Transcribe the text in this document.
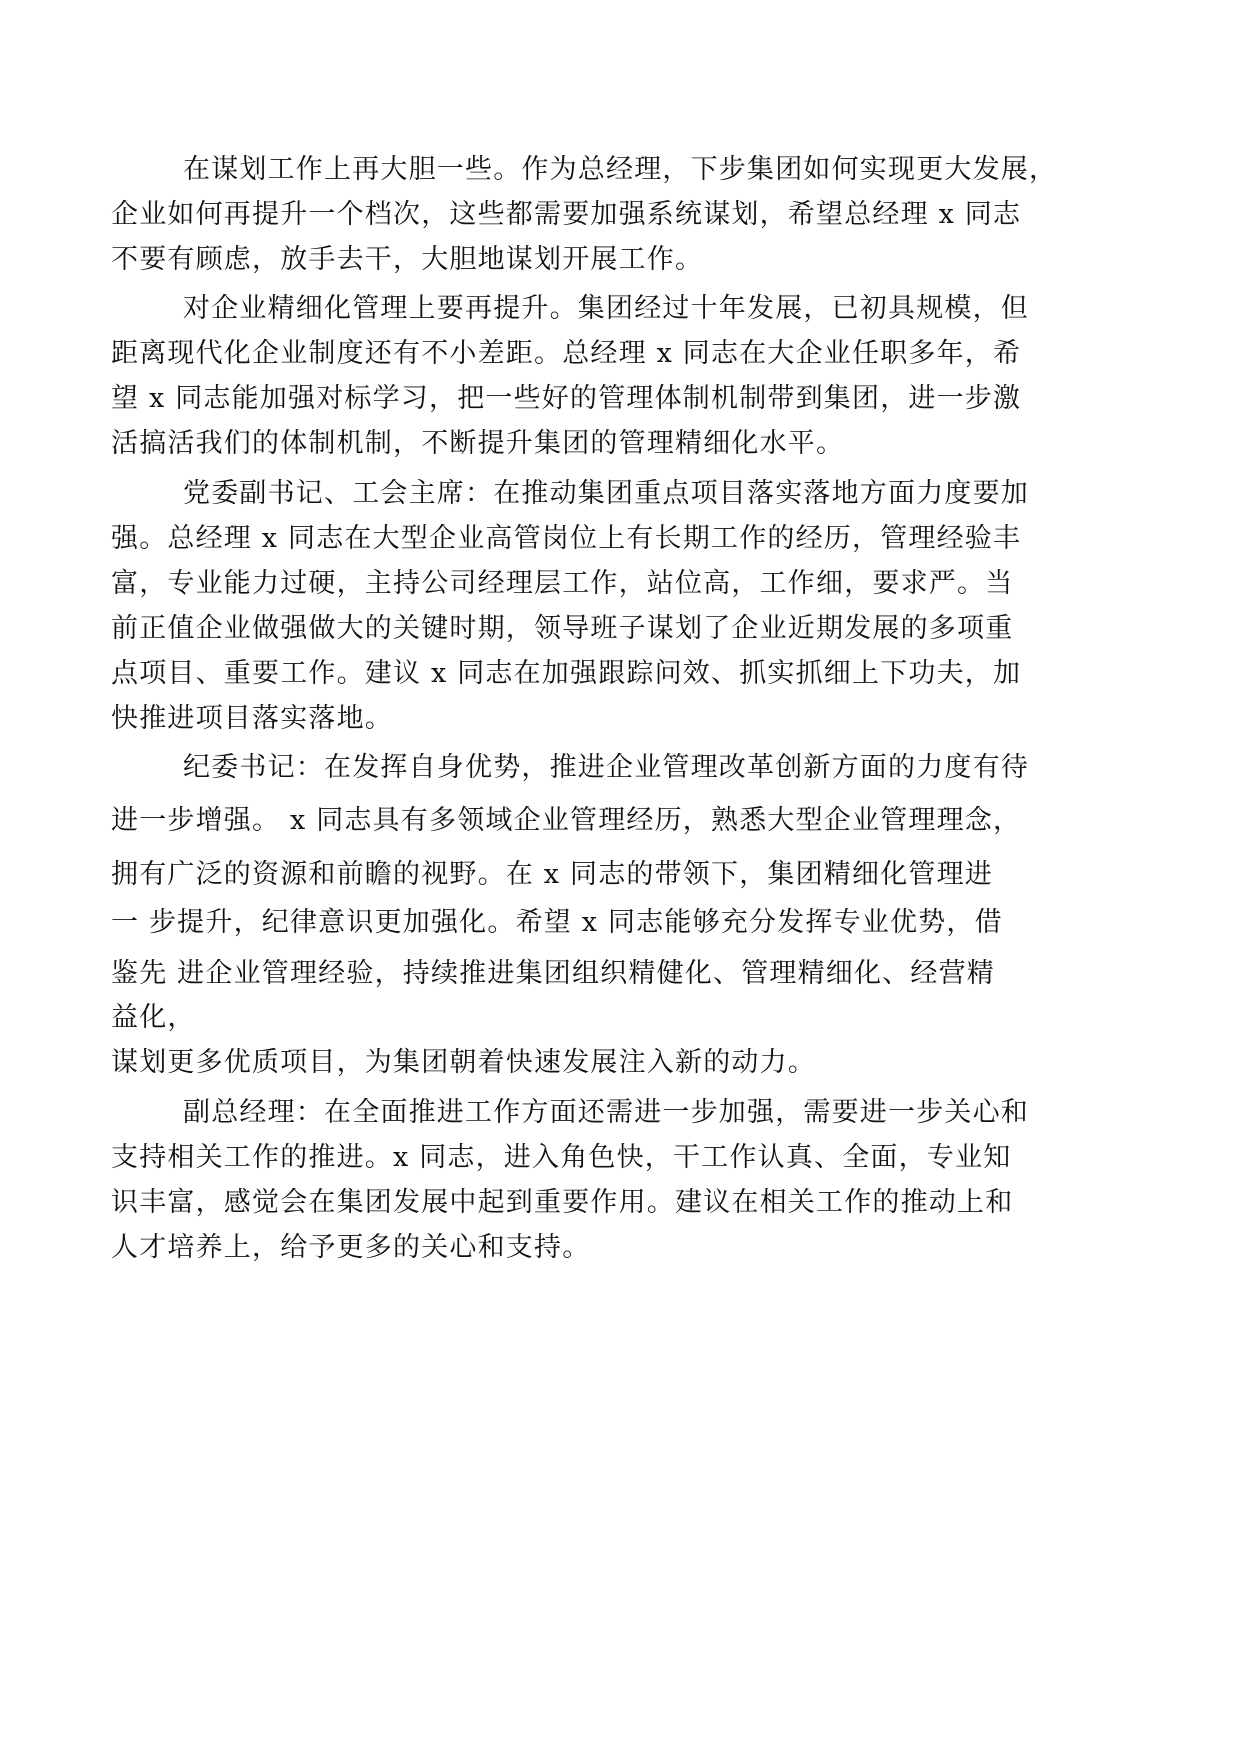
在谋划工作上再大胆一些。作为总经理，下步集团如何实现更大发展，
企业如何再提升一个档次，这些都需要加强系统谋划，希望总经理 x 同志
不要有顾虑，放手去干，大胆地谋划开展工作。
对企业精细化管理上要再提升。集团经过十年发展，已初具规模，但
距离现代化企业制度还有不小差距。总经理 x 同志在大企业任职多年，希
望 x 同志能加强对标学习，把一些好的管理体制机制带到集团，进一步激
活搞活我们的体制机制，不断提升集团的管理精细化水平。
党委副书记、工会主席：在推动集团重点项目落实落地方面力度要加
强。总经理 x 同志在大型企业高管岗位上有长期工作的经历，管理经验丰
富，专业能力过硬，主持公司经理层工作，站位高，工作细，要求严。当
前正值企业做强做大的关键时期，领导班子谋划了企业近期发展的多项重
点项目、重要工作。建议 x 同志在加强跟踪问效、抓实抓细上下功夫，加
快推进项目落实落地。
纪委书记：在发挥自身优势，推进企业管理改革创新方面的力度有待
进一步增强。 x 同志具有多领域企业管理经历，熟悉大型企业管理理念，
拥有广泛的资源和前瞻的视野。在 x 同志的带领下，集团精细化管理进
一 步提升，纪律意识更加强化。希望 x 同志能够充分发挥专业优势，借
鉴先 进企业管理经验，持续推进集团组织精健化、管理精细化、经营精
益化，
谋划更多优质项目，为集团朝着快速发展注入新的动力。
副总经理：在全面推进工作方面还需进一步加强，需要进一步关心和
支持相关工作的推进。x 同志，进入角色快，干工作认真、全面，专业知
识丰富，感觉会在集团发展中起到重要作用。建议在相关工作的推动上和
人才培养上，给予更多的关心和支持。
